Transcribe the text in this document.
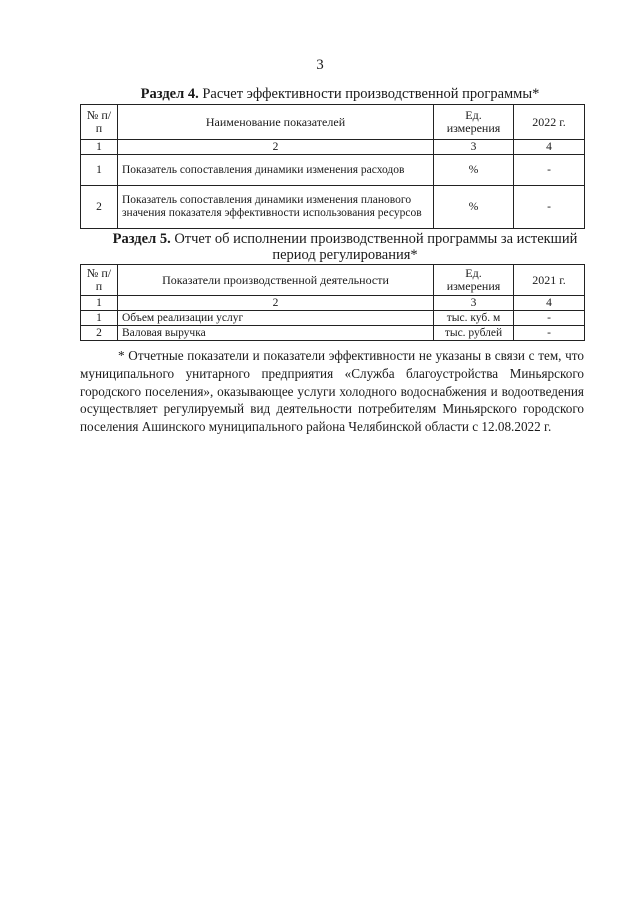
3
Раздел 4. Расчет эффективности производственной программы*
№ п/п	Наименование показателей	Ед. измерения	2022 г.
1	2	3	4
1	Показатель сопоставления динамики изменения расходов	%	-
2	Показатель сопоставления динамики изменения планового значения показателя эффективности использования ресурсов	%	-
Раздел 5. Отчет об исполнении производственной программы за истекший период регулирования*
№ п/п	Показатели производственной деятельности	Ед. измерения	2021 г.
1	2	3	4
1	Объем реализации услуг	тыс. куб. м	-
2	Валовая выручка	тыс. рублей	-
* Отчетные показатели и показатели эффективности не указаны в связи с тем, что муниципального унитарного предприятия «Служба благоустройства Миньярского городского поселения», оказывающее услуги холодного водоснабжения и водоотведения осуществляет регулируемый вид деятельности потребителям Миньярского городского поселения Ашинского муниципального района Челябинской области с 12.08.2022 г.
